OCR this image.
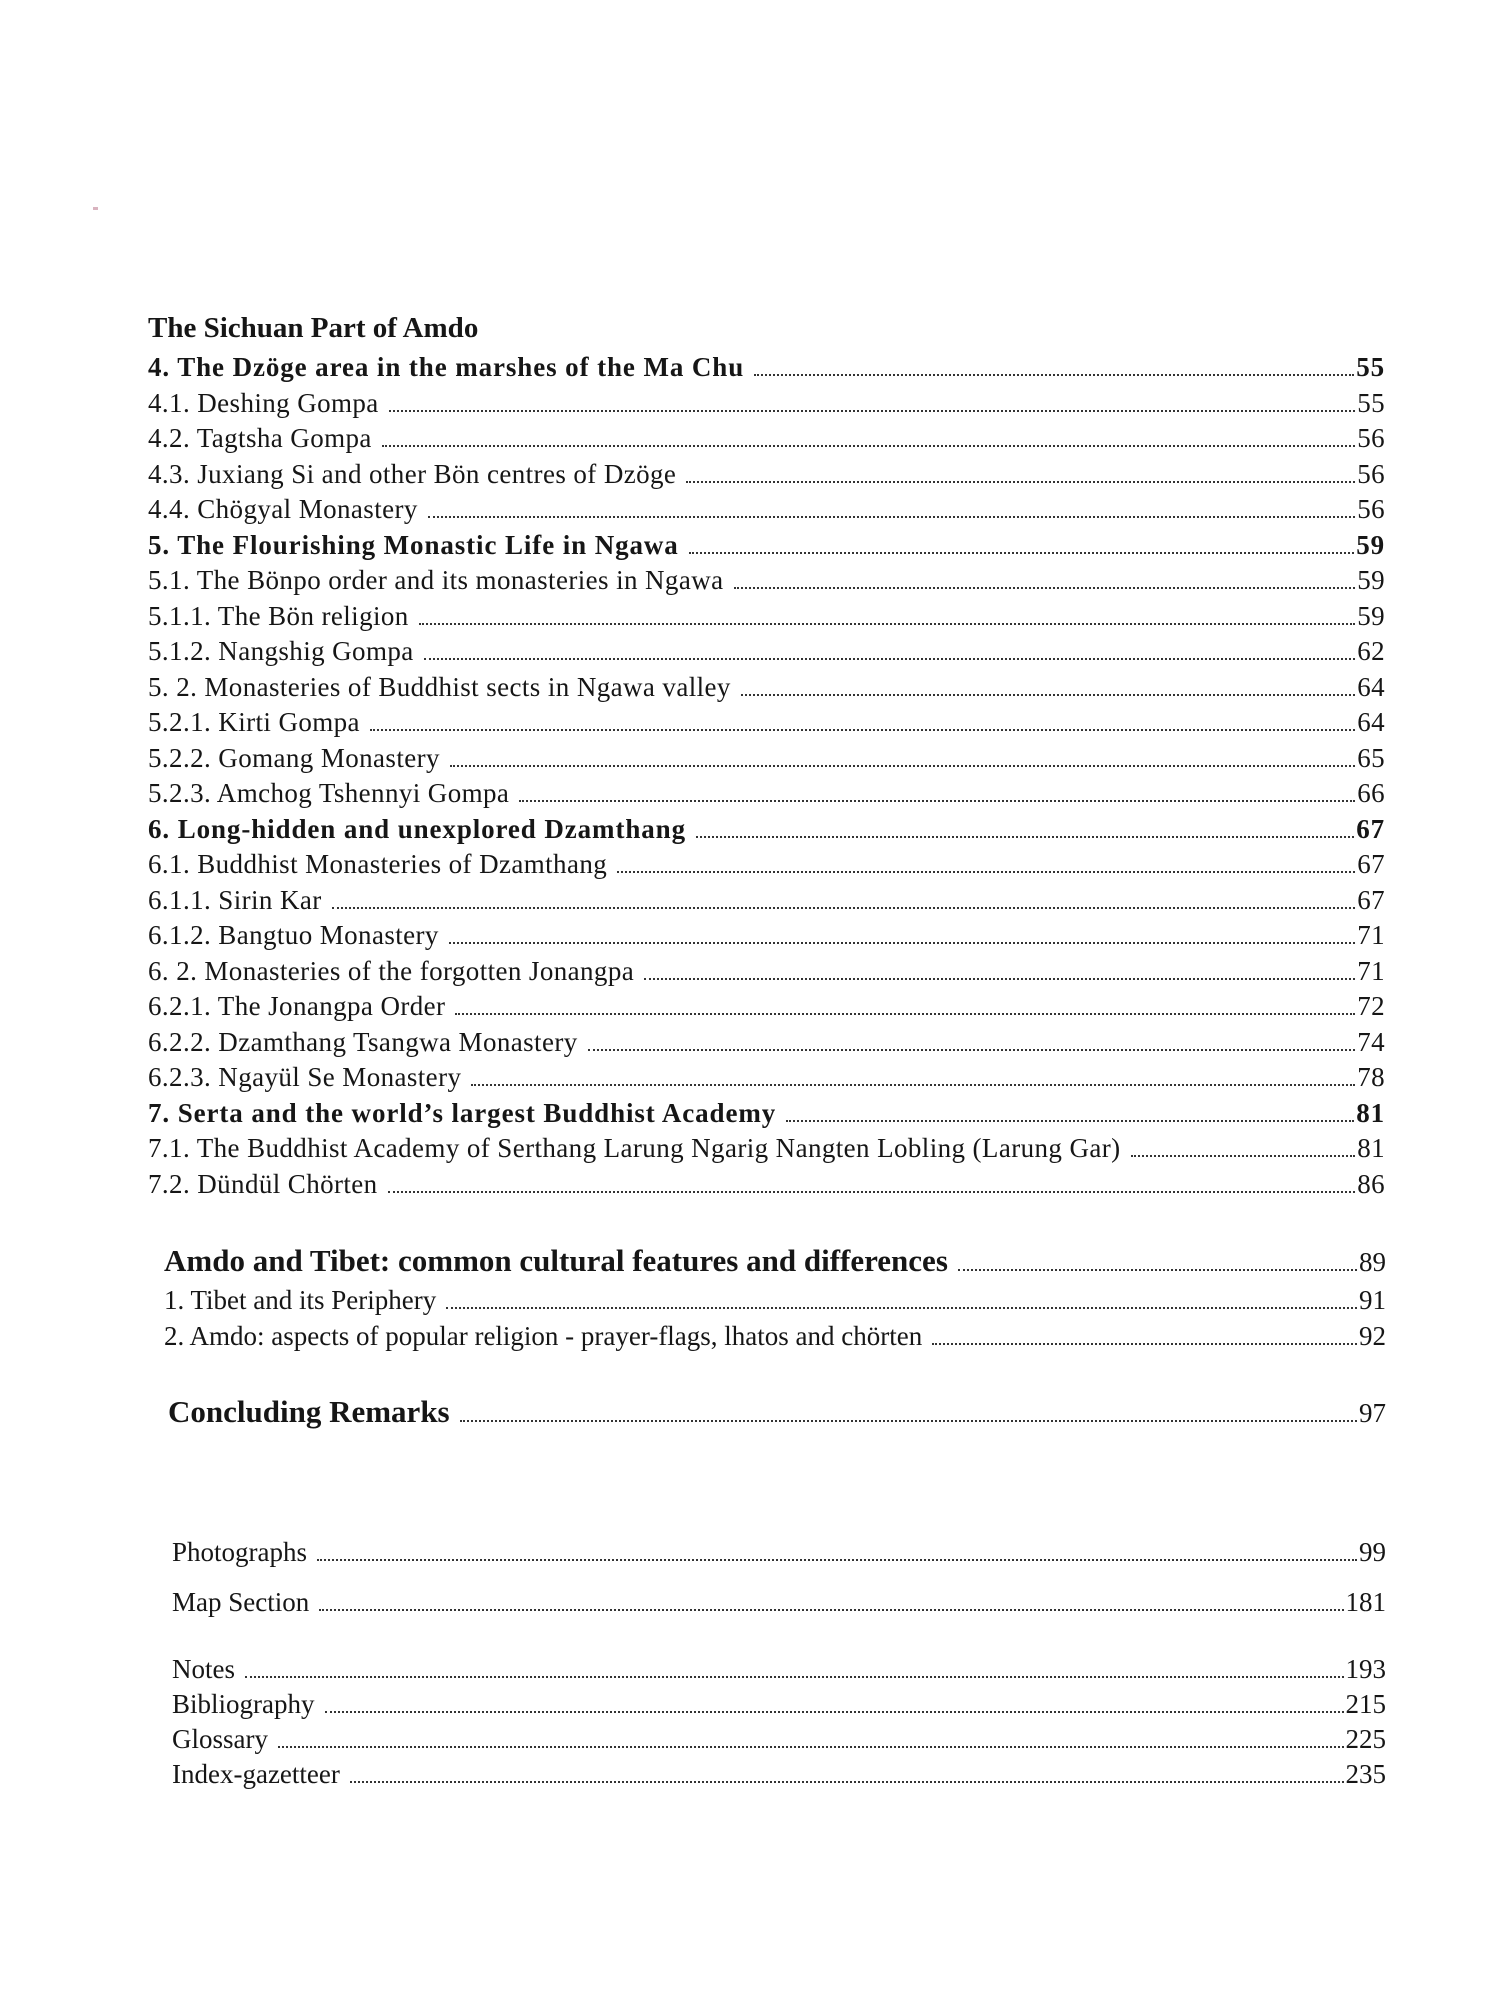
The Sichuan Part of Amdo
4. The Dzöge area in the marshes of the Ma Chu	55
4.1. Deshing Gompa	55
4.2. Tagtsha Gompa	56
4.3. Juxiang Si and other Bön centres of Dzöge	56
4.4. Chögyal Monastery	56
5. The Flourishing Monastic Life in Ngawa	59
5.1. The Bönpo order and its monasteries in Ngawa	59
5.1.1. The Bön religion	59
5.1.2. Nangshig Gompa	62
5. 2. Monasteries of Buddhist sects in Ngawa valley	64
5.2.1. Kirti Gompa	64
5.2.2. Gomang Monastery	65
5.2.3. Amchog Tshennyi Gompa	66
6. Long-hidden and unexplored Dzamthang	67
6.1. Buddhist Monasteries of Dzamthang	67
6.1.1. Sirin Kar	67
6.1.2. Bangtuo Monastery	71
6. 2. Monasteries of the forgotten Jonangpa	71
6.2.1. The Jonangpa Order	72
6.2.2. Dzamthang Tsangwa Monastery	74
6.2.3. Ngayül Se Monastery	78
7. Serta and the world’s largest Buddhist Academy	81
7.1. The Buddhist Academy of Serthang Larung Ngarig Nangten Lobling (Larung Gar)	81
7.2. Dündül Chörten	86
Amdo and Tibet: common cultural features and differences	89
1. Tibet and its Periphery	91
2. Amdo: aspects of popular religion - prayer-flags, lhatos and chörten	92
Concluding Remarks	97
Photographs	99
Map Section	181
Notes	193
Bibliography	215
Glossary	225
Index-gazetteer	235
